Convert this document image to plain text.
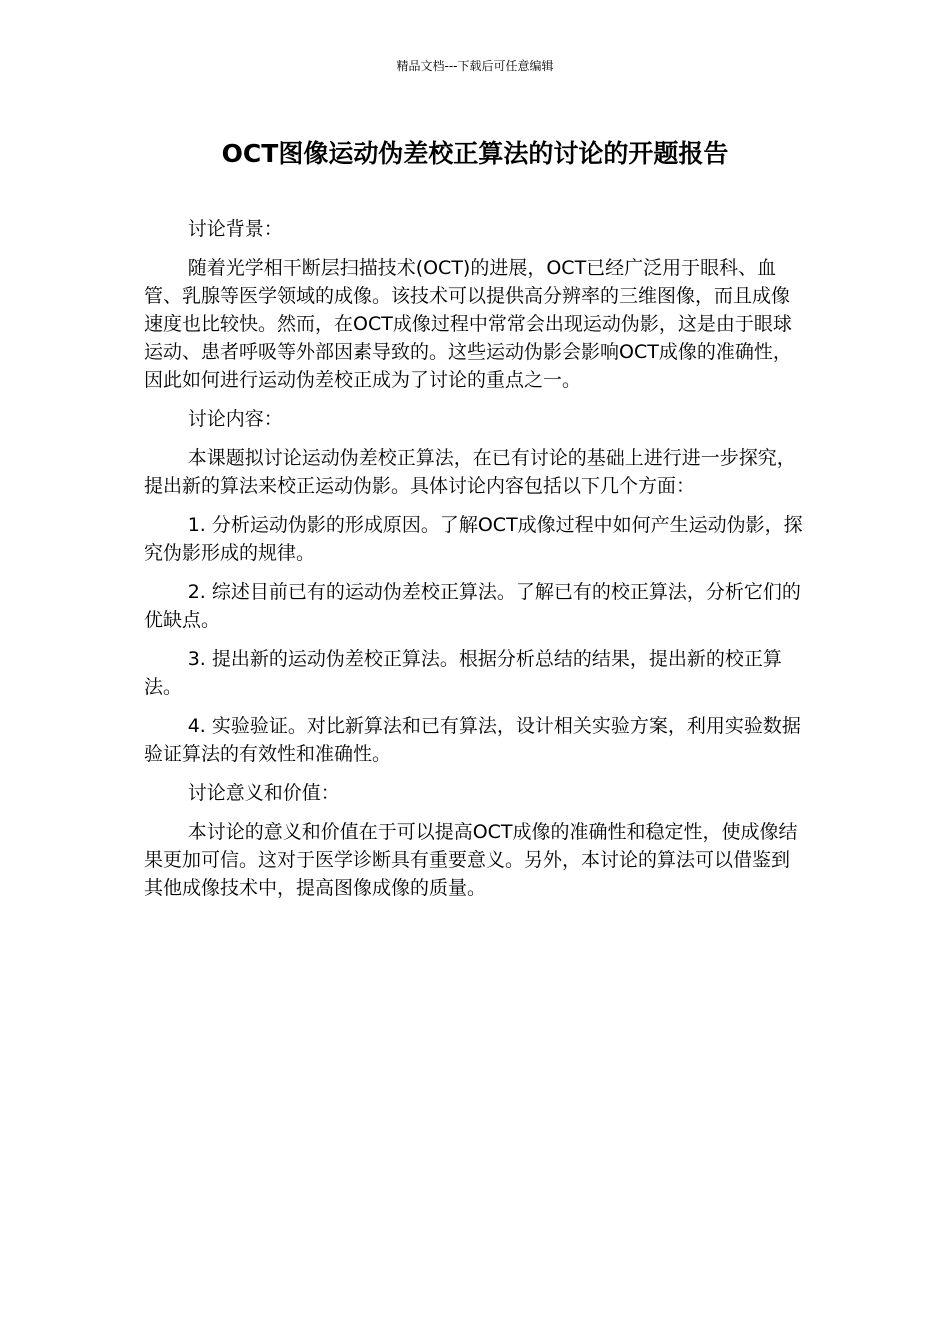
精品文档---下载后可任意编辑
OCT图像运动伪差校正算法的讨论的开题报告

讨论背景：

随着光学相干断层扫描技术(OCT)的进展，OCT已经广泛用于眼科、血管、乳腺等医学领域的成像。该技术可以提供高分辨率的三维图像，而且成像速度也比较快。然而，在OCT成像过程中常常会出现运动伪影，这是由于眼球运动、患者呼吸等外部因素导致的。这些运动伪影会影响OCT成像的准确性，因此如何进行运动伪差校正成为了讨论的重点之一。

讨论内容：

本课题拟讨论运动伪差校正算法，在已有讨论的基础上进行进一步探究，提出新的算法来校正运动伪影。具体讨论内容包括以下几个方面：

1. 分析运动伪影的形成原因。了解OCT成像过程中如何产生运动伪影，探究伪影形成的规律。

2. 综述目前已有的运动伪差校正算法。了解已有的校正算法，分析它们的优缺点。

3. 提出新的运动伪差校正算法。根据分析总结的结果，提出新的校正算法。

4. 实验验证。对比新算法和已有算法，设计相关实验方案，利用实验数据验证算法的有效性和准确性。

讨论意义和价值：

本讨论的意义和价值在于可以提高OCT成像的准确性和稳定性，使成像结果更加可信。这对于医学诊断具有重要意义。另外，本讨论的算法可以借鉴到其他成像技术中，提高图像成像的质量。
